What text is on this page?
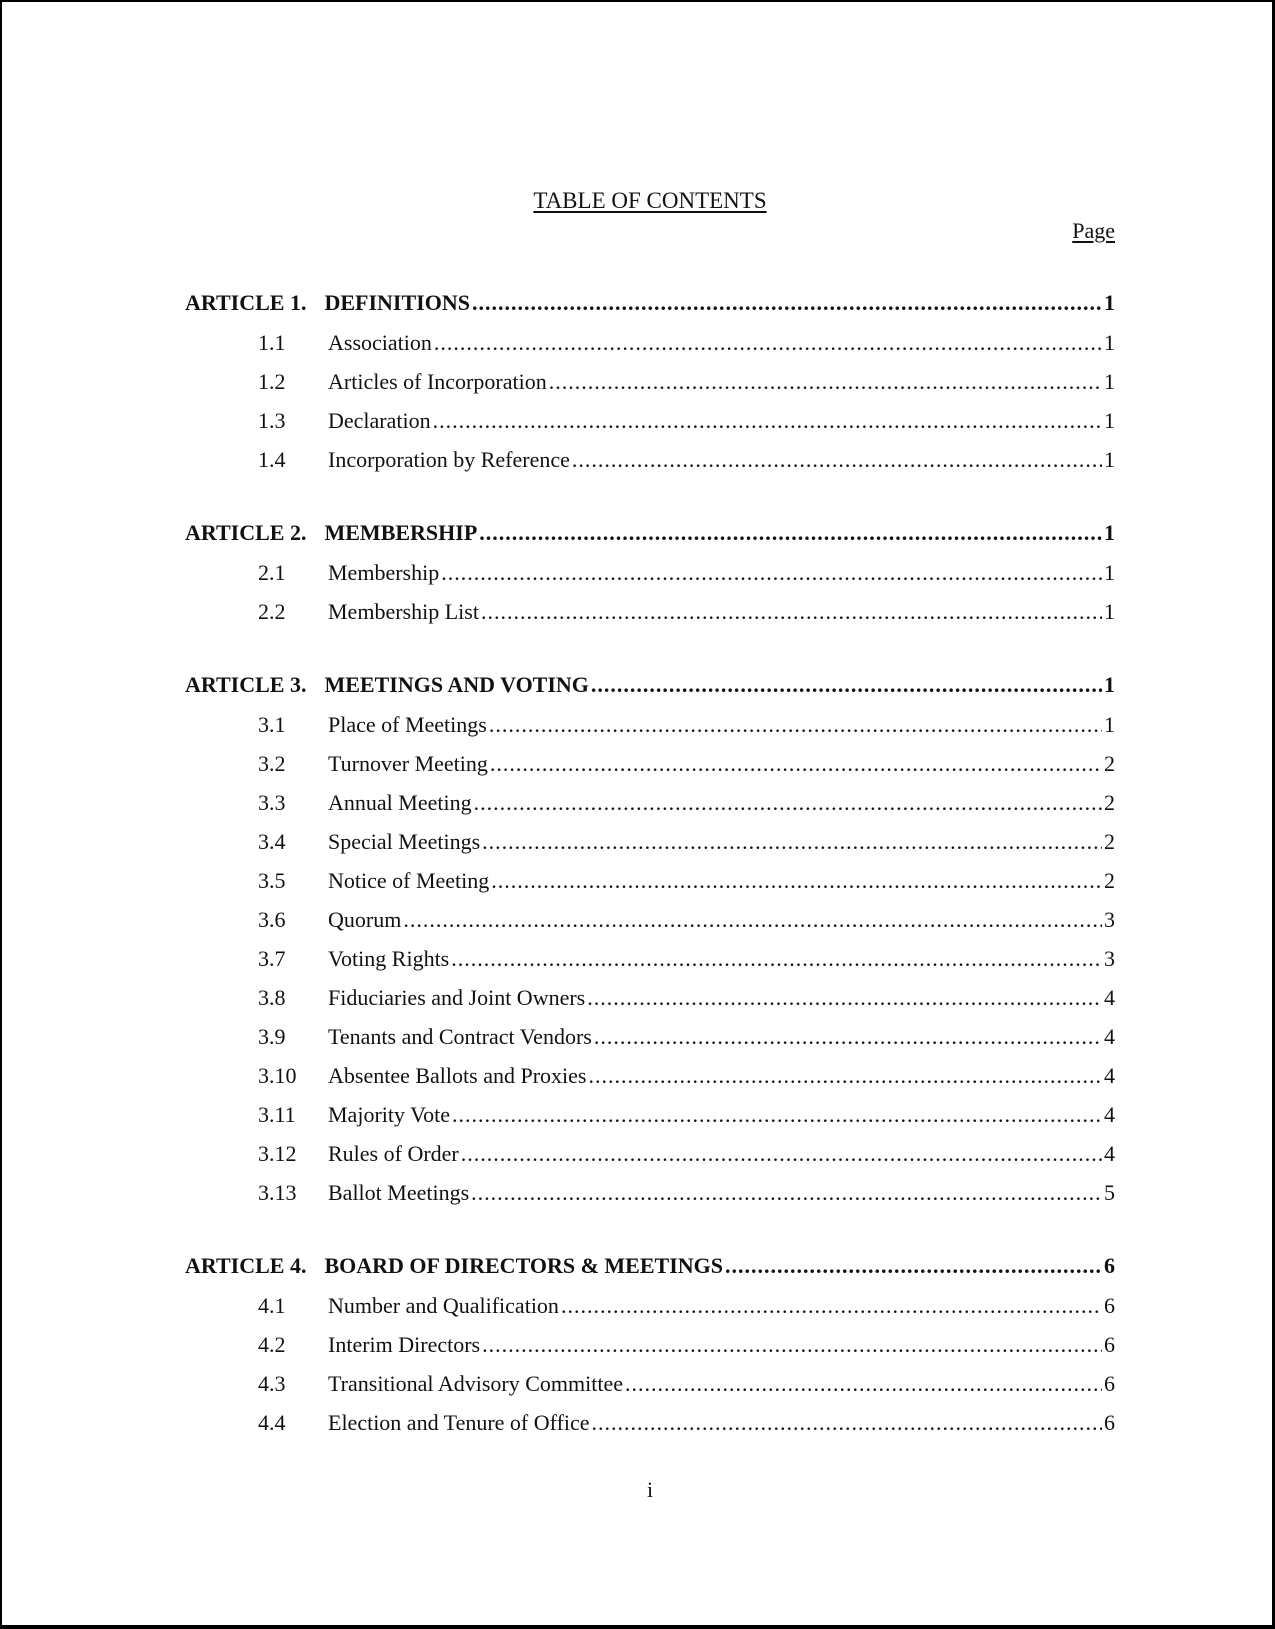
TABLE OF CONTENTS
Page
ARTICLE 1. DEFINITIONS .....	1
1.1	Association .....	1
1.2	Articles of Incorporation .....	1
1.3	Declaration .....	1
1.4	Incorporation by Reference .....	1
ARTICLE 2. MEMBERSHIP .....	1
2.1	Membership .....	1
2.2	Membership List .....	1
ARTICLE 3. MEETINGS AND VOTING .....	1
3.1	Place of Meetings .....	1
3.2	Turnover Meeting .....	2
3.3	Annual Meeting .....	2
3.4	Special Meetings .....	2
3.5	Notice of Meeting .....	2
3.6	Quorum .....	3
3.7	Voting Rights .....	3
3.8	Fiduciaries and Joint Owners .....	4
3.9	Tenants and Contract Vendors .....	4
3.10	Absentee Ballots and Proxies .....	4
3.11	Majority Vote .....	4
3.12	Rules of Order .....	4
3.13	Ballot Meetings .....	5
ARTICLE 4. BOARD OF DIRECTORS & MEETINGS .....	6
4.1	Number and Qualification .....	6
4.2	Interim Directors .....	6
4.3	Transitional Advisory Committee .....	6
4.4	Election and Tenure of Office .....	6
i
